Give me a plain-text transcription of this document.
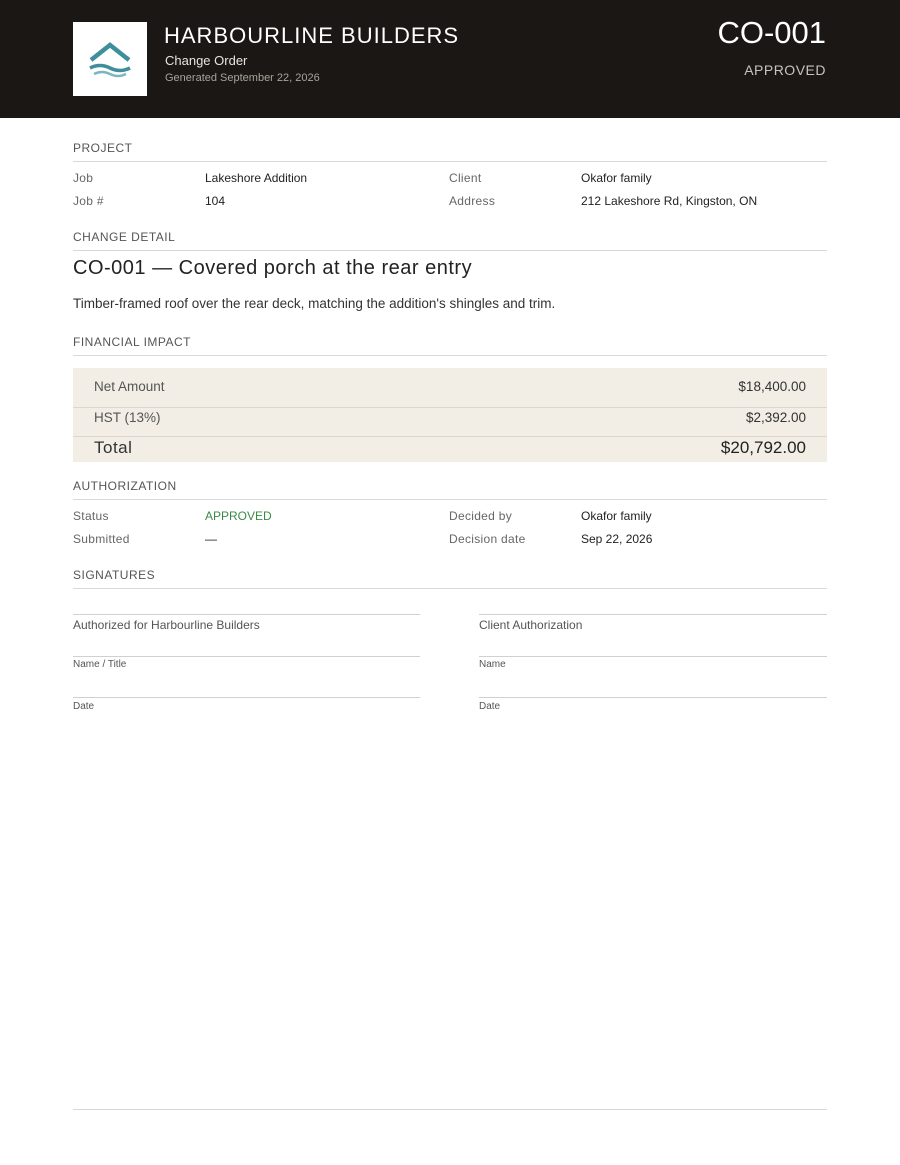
HARBOURLINE BUILDERS
Change Order
Generated September 22, 2026
CO-001
APPROVED
PROJECT
Job	Lakeshore Addition	Client	Okafor family
Job #	104	Address	212 Lakeshore Rd, Kingston, ON
CHANGE DETAIL
CO-001 — Covered porch at the rear entry
Timber-framed roof over the rear deck, matching the addition's shingles and trim.
FINANCIAL IMPACT
Net Amount	$18,400.00
HST (13%)	$2,392.00
Total	$20,792.00
AUTHORIZATION
Status	APPROVED	Decided by	Okafor family
Submitted	—	Decision date	Sep 22, 2026
SIGNATURES
Authorized for Harbourline Builders
Name / Title
Date
Client Authorization
Name
Date
